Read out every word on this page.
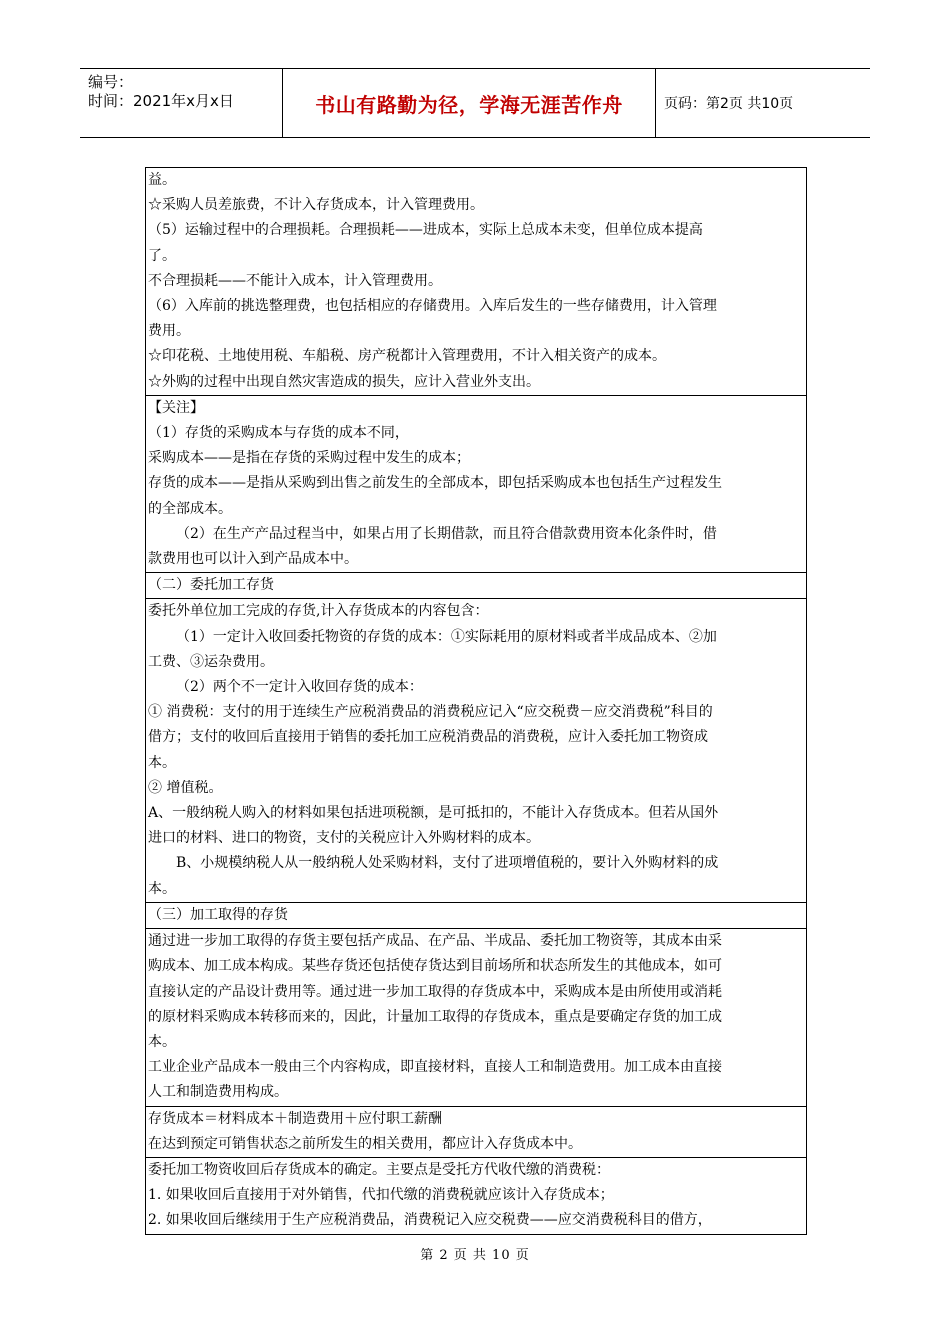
编号：
时间：2021年x月x日	书山有路勤为径，学海无涯苦作舟	页码：第2页 共10页

益。

☆采购人员差旅费，不计入存货成本，计入管理费用。

（5）运输过程中的合理损耗。合理损耗——进成本，实际上总成本未变，但单位成本提高

了。

不合理损耗——不能计入成本，计入管理费用。

（6）入库前的挑选整理费，也包括相应的存储费用。入库后发生的一些存储费用，计入管理

费用。

☆印花税、土地使用税、车船税、房产税都计入管理费用，不计入相关资产的成本。

☆外购的过程中出现自然灾害造成的损失，应计入营业外支出。

【关注】

（1）存货的采购成本与存货的成本不同，

采购成本——是指在存货的采购过程中发生的成本；

存货的成本——是指从采购到出售之前发生的全部成本，即包括采购成本也包括生产过程发生

的全部成本。

（2）在生产产品过程当中，如果占用了长期借款，而且符合借款费用资本化条件时，借

款费用也可以计入到产品成本中。

（二）委托加工存货

委托外单位加工完成的存货,计入存货成本的内容包含：

（1）一定计入收回委托物资的存货的成本：①实际耗用的原材料或者半成品成本、②加

工费、③运杂费用。

（2）两个不一定计入收回存货的成本：

① 消费税：支付的用于连续生产应税消费品的消费税应记入“应交税费－应交消费税”科目的

借方；支付的收回后直接用于销售的委托加工应税消费品的消费税，应计入委托加工物资成

本。

② 增值税。

A、一般纳税人购入的材料如果包括进项税额，是可抵扣的，不能计入存货成本。但若从国外

进口的材料、进口的物资，支付的关税应计入外购材料的成本。

B、小规模纳税人从一般纳税人处采购材料，支付了进项增值税的，要计入外购材料的成

本。

（三）加工取得的存货

通过进一步加工取得的存货主要包括产成品、在产品、半成品、委托加工物资等，其成本由采

购成本、加工成本构成。某些存货还包括使存货达到目前场所和状态所发生的其他成本，如可

直接认定的产品设计费用等。通过进一步加工取得的存货成本中，采购成本是由所使用或消耗

的原材料采购成本转移而来的，因此，计量加工取得的存货成本，重点是要确定存货的加工成

本。

工业企业产品成本一般由三个内容构成，即直接材料，直接人工和制造费用。加工成本由直接

人工和制造费用构成。

存货成本＝材料成本＋制造费用＋应付职工薪酬

在达到预定可销售状态之前所发生的相关费用，都应计入存货成本中。

委托加工物资收回后存货成本的确定。主要点是受托方代收代缴的消费税：

1. 如果收回后直接用于对外销售，代扣代缴的消费税就应该计入存货成本；

2. 如果收回后继续用于生产应税消费品，消费税记入应交税费——应交消费税科目的借方，

第 2 页 共 10 页
